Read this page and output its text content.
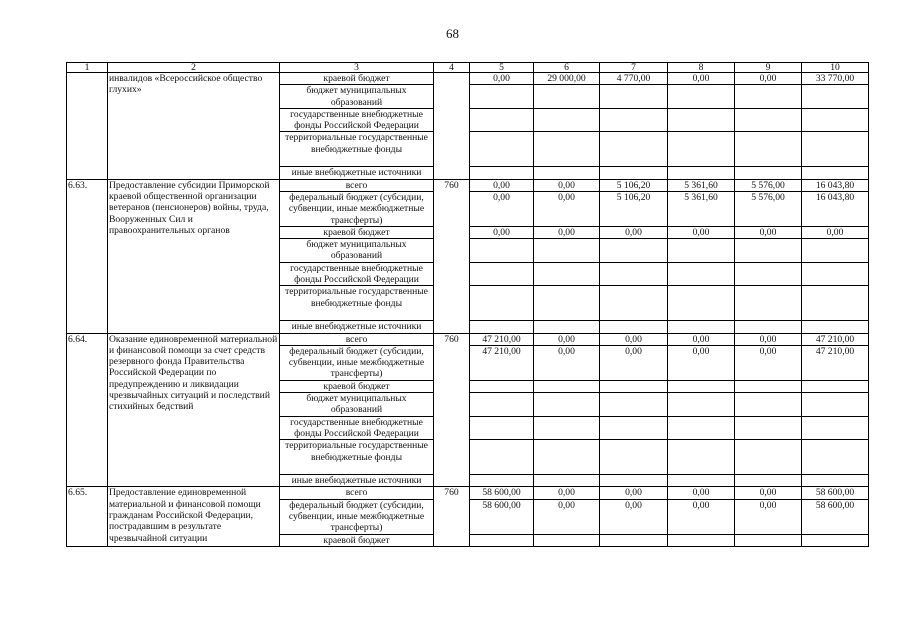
68
1	2	3	4	5	6	7	8	9	10
	инвалидов «Всероссийское общество глухих»	краевой бюджет		0,00	29 000,00	4 770,00	0,00	0,00	33 770,00
		бюджет муниципальных образований							
		государственные внебюджетные фонды Российской Федерации							
		территориальные государственные внебюджетные фонды							
		иные внебюджетные источники							
6.63.	Предоставление субсидии Приморской краевой общественной организации ветеранов (пенсионеров) войны, труда, Вооруженных Сил и правоохранительных органов	всего	760	0,00	0,00	5 106,20	5 361,60	5 576,00	16 043,80
		федеральный бюджет (субсидии, субвенции, иные межбюджетные трансферты)		0,00	0,00	5 106,20	5 361,60	5 576,00	16 043,80
		краевой бюджет		0,00	0,00	0,00	0,00	0,00	0,00
		бюджет муниципальных образований							
		государственные внебюджетные фонды Российской Федерации							
		территориальные государственные внебюджетные фонды							
		иные внебюджетные источники							
6.64.	Оказание единовременной материальной и финансовой помощи за счет средств резервного фонда Правительства Российской Федерации по предупреждению и ликвидации чрезвычайных ситуаций и последствий стихийных бедствий	всего	760	47 210,00	0,00	0,00	0,00	0,00	47 210,00
		федеральный бюджет (субсидии, субвенции, иные межбюджетные трансферты)		47 210,00	0,00	0,00	0,00	0,00	47 210,00
		краевой бюджет							
		бюджет муниципальных образований							
		государственные внебюджетные фонды Российской Федерации							
		территориальные государственные внебюджетные фонды							
		иные внебюджетные источники							
6.65.	Предоставление единовременной материальной и финансовой помощи гражданам Российской Федерации, пострадавшим в результате чрезвычайной ситуации	всего	760	58 600,00	0,00	0,00	0,00	0,00	58 600,00
		федеральный бюджет (субсидии, субвенции, иные межбюджетные трансферты)		58 600,00	0,00	0,00	0,00	0,00	58 600,00
		краевой бюджет							
